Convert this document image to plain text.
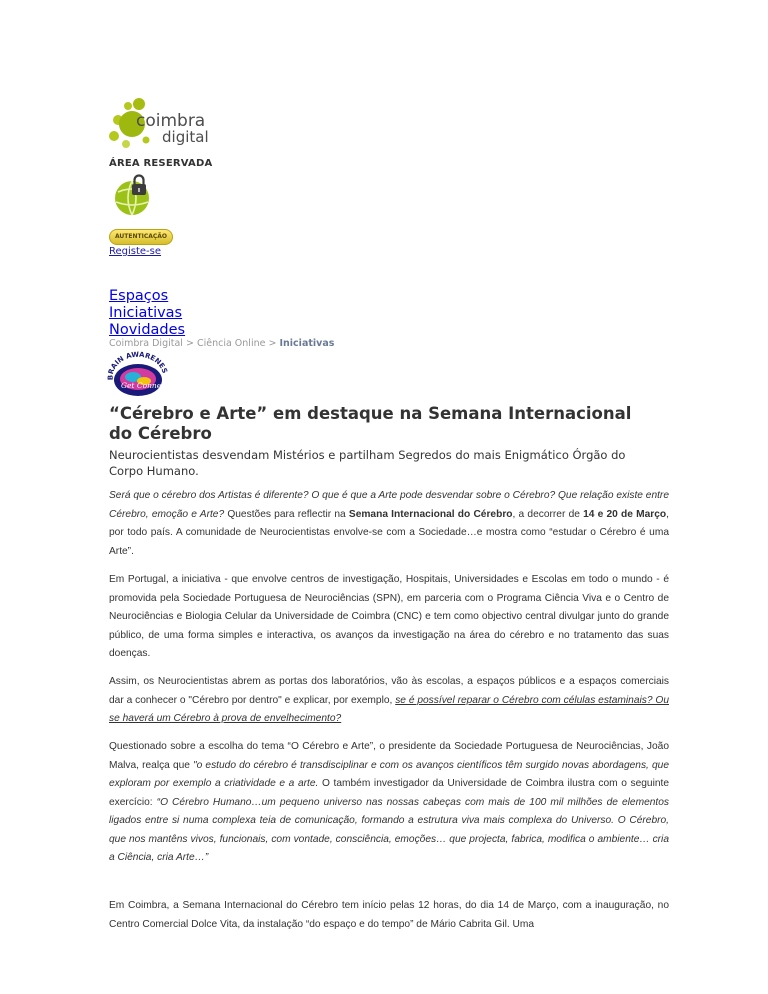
coimbra
digital
ÁREA RESERVADA
AUTENTICAÇÃO
Registe-se
Espaços
Iniciativas
Novidades
Coimbra Digital > Ciência Online > Iniciativas
BRAIN AWARENES
Get Connect
“Cérebro e Arte” em destaque na Semana Internacional do Cérebro
Neurocientistas desvendam Mistérios e partilham Segredos do mais Enigmático Órgão do Corpo Humano.
Será que o cérebro dos Artistas é diferente? O que é que a Arte pode desvendar sobre o Cérebro? Que relação existe entre Cérebro, emoção e Arte? Questões para reflectir na Semana Internacional do Cérebro, a decorrer de 14 e 20 de Março, por todo país. A comunidade de Neurocientistas envolve-se com a Sociedade…e mostra como “estudar o Cérebro é uma Arte”.
Em Portugal, a iniciativa - que envolve centros de investigação, Hospitais, Universidades e Escolas em todo o mundo - é promovida pela Sociedade Portuguesa de Neurociências (SPN), em parceria com o Programa Ciência Viva e o Centro de Neurociências e Biologia Celular da Universidade de Coimbra (CNC) e tem como objectivo central divulgar junto do grande público, de uma forma simples e interactiva, os avanços da investigação na área do cérebro e no tratamento das suas doenças.
Assim, os Neurocientistas abrem as portas dos laboratórios, vão às escolas, a espaços públicos e a espaços comerciais dar a conhecer o "Cérebro por dentro" e explicar, por exemplo, se é possível reparar o Cérebro com células estaminais? Ou se haverá um Cérebro à prova de envelhecimento?
Questionado sobre a escolha do tema “O Cérebro e Arte”, o presidente da Sociedade Portuguesa de Neurociências, João Malva, realça que "o estudo do cérebro é transdisciplinar e com os avanços científicos têm surgido novas abordagens, que exploram por exemplo a criatividade e a arte. O também investigador da Universidade de Coimbra ilustra com o seguinte exercício: “O Cérebro Humano…um pequeno universo nas nossas cabeças com mais de 100 mil milhões de elementos ligados entre si numa complexa teia de comunicação, formando a estrutura viva mais complexa do Universo. O Cérebro, que nos mantêns vivos, funcionais, com vontade, consciência, emoções… que projecta, fabrica, modifica o ambiente… cria a Ciência, cria Arte…”
Em Coimbra, a Semana Internacional do Cérebro tem início pelas 12 horas, do dia 14 de Março, com a inauguração, no Centro Comercial Dolce Vita, da instalação “do espaço e do tempo” de Mário Cabrita Gil. Uma
